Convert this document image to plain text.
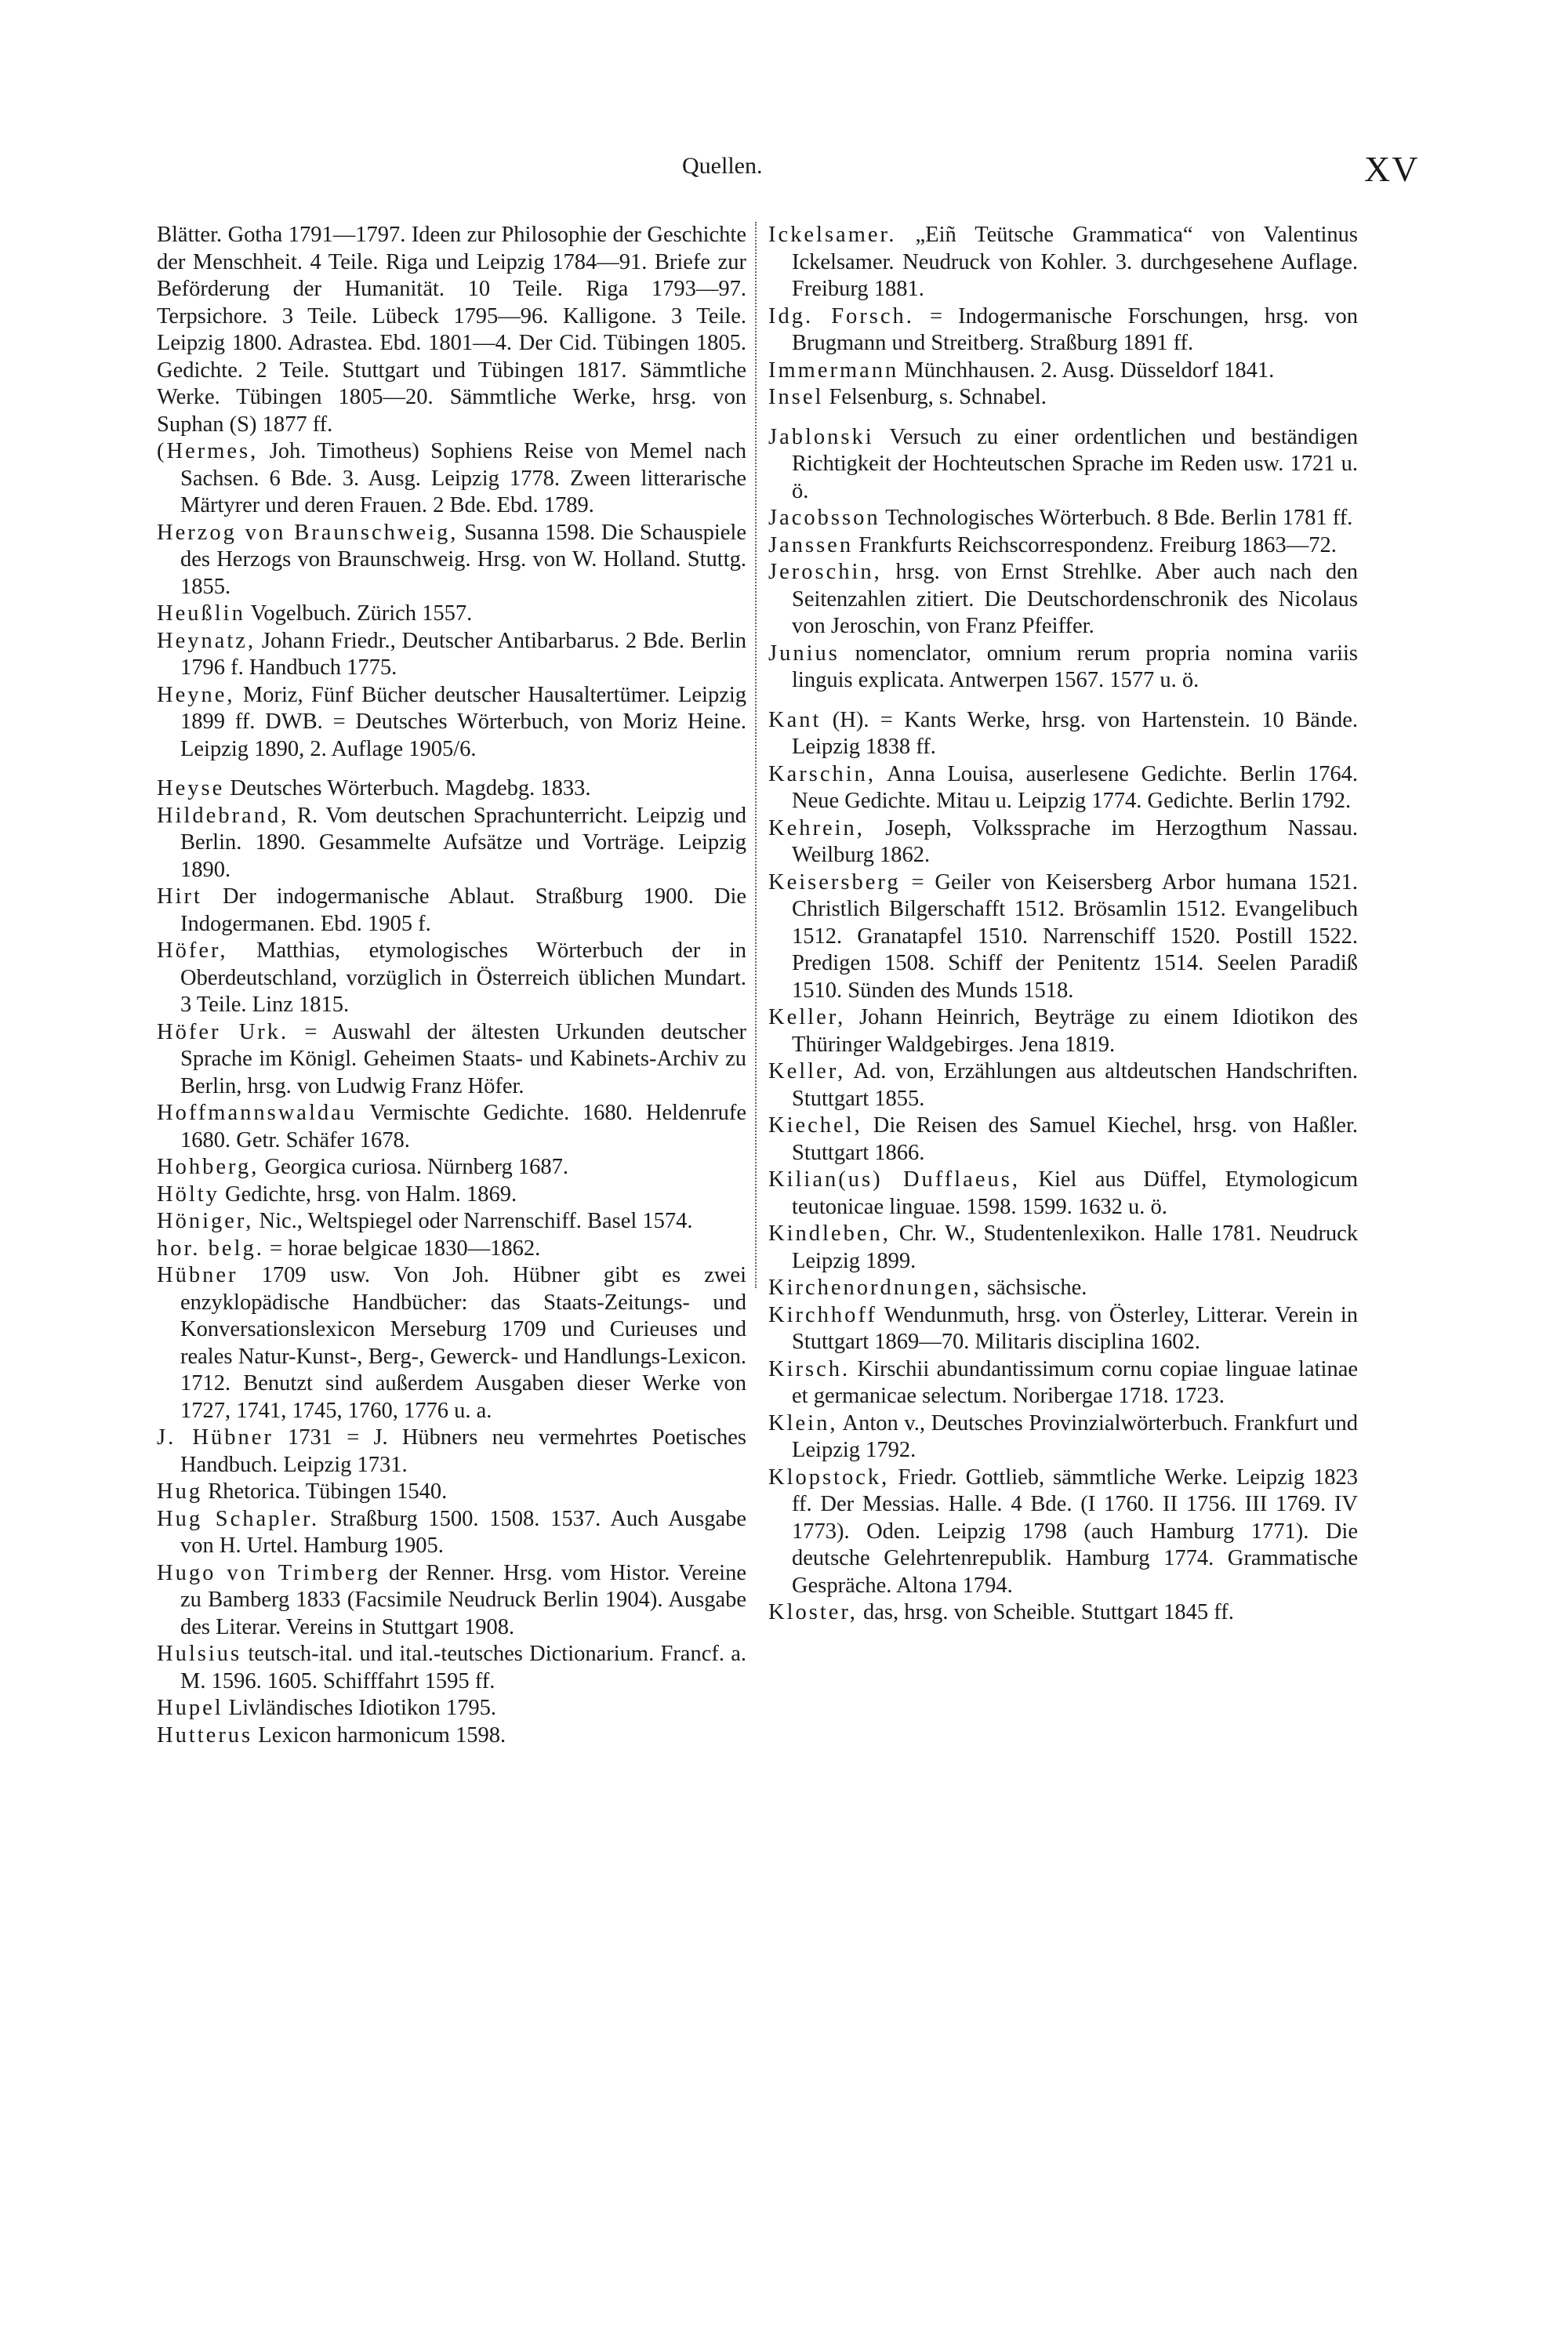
Quellen.	XV
Blätter. Gotha 1791—1797. Ideen zur Philosophie der Geschichte der Menschheit. 4 Teile. Riga und Leipzig 1784—91. Briefe zur Beförderung der Humanität. 10 Teile. Riga 1793—97. Terpsichore. 3 Teile. Lübeck 1795—96. Kalligone. 3 Teile. Leipzig 1800. Adrastea. Ebd. 1801—4. Der Cid. Tübingen 1805. Gedichte. 2 Teile. Stuttgart und Tübingen 1817. Sämmtliche Werke. Tübingen 1805—20. Sämmtliche Werke, hrsg. von Suphan (S) 1877 ff.
(Hermes, Joh. Timotheus) Sophiens Reise von Memel nach Sachsen. 6 Bde. 3. Ausg. Leipzig 1778. Zween litterarische Märtyrer und deren Frauen. 2 Bde. Ebd. 1789.
Herzog von Braunschweig, Susanna 1598. Die Schauspiele des Herzogs von Braunschweig. Hrsg. von W. Holland. Stuttg. 1855.
Heußlin Vogelbuch. Zürich 1557.
Heynatz, Johann Friedr., Deutscher Antibarbarus. 2 Bde. Berlin 1796 f. Handbuch 1775.
Heyne, Moriz, Fünf Bücher deutscher Hausaltertümer. Leipzig 1899 ff. DWB. = Deutsches Wörterbuch, von Moriz Heine. Leipzig 1890, 2. Auflage 1905/6.
Heyse Deutsches Wörterbuch. Magdebg. 1833.
Hildebrand, R. Vom deutschen Sprachunterricht. Leipzig und Berlin. 1890. Gesammelte Aufsätze und Vorträge. Leipzig 1890.
Hirt Der indogermanische Ablaut. Straßburg 1900. Die Indogermanen. Ebd. 1905 f.
Höfer, Matthias, etymologisches Wörterbuch der in Oberdeutschland, vorzüglich in Österreich üblichen Mundart. 3 Teile. Linz 1815.
Höfer Urk. = Auswahl der ältesten Urkunden deutscher Sprache im Königl. Geheimen Staats- und Kabinets-Archiv zu Berlin, hrsg. von Ludwig Franz Höfer.
Hoffmannswaldau Vermischte Gedichte. 1680. Heldenrufe 1680. Getr. Schäfer 1678.
Hohberg, Georgica curiosa. Nürnberg 1687.
Hölty Gedichte, hrsg. von Halm. 1869.
Höniger, Nic., Weltspiegel oder Narrenschiff. Basel 1574.
hor. belg. = horae belgicae 1830—1862.
Hübner 1709 usw. Von Joh. Hübner gibt es zwei enzyklopädische Handbücher: das Staats-Zeitungs- und Konversationslexicon Merseburg 1709 und Curieuses und reales Natur-Kunst-, Berg-, Gewerck- und Handlungs-Lexicon. 1712. Benutzt sind außerdem Ausgaben dieser Werke von 1727, 1741, 1745, 1760, 1776 u. a.
J. Hübner 1731 = J. Hübners neu vermehrtes Poetisches Handbuch. Leipzig 1731.
Hug Rhetorica. Tübingen 1540.
Hug Schapler. Straßburg 1500. 1508. 1537. Auch Ausgabe von H. Urtel. Hamburg 1905.
Hugo von Trimberg der Renner. Hrsg. vom Histor. Vereine zu Bamberg 1833 (Facsimile Neudruck Berlin 1904). Ausgabe des Literar. Vereins in Stuttgart 1908.
Hulsius teutsch-ital. und ital.-teutsches Dictionarium. Francf. a. M. 1596. 1605. Schifffahrt 1595 ff.
Hupel Livländisches Idiotikon 1795.
Hutterus Lexicon harmonicum 1598.
Ickelsamer. „Eiñ Teütsche Grammatica“ von Valentinus Ickelsamer. Neudruck von Kohler. 3. durchgesehene Auflage. Freiburg 1881.
Idg. Forsch. = Indogermanische Forschungen, hrsg. von Brugmann und Streitberg. Straßburg 1891 ff.
Immermann Münchhausen. 2. Ausg. Düsseldorf 1841.
Insel Felsenburg, s. Schnabel.
Jablonski Versuch zu einer ordentlichen und beständigen Richtigkeit der Hochteutschen Sprache im Reden usw. 1721 u. ö.
Jacobsson Technologisches Wörterbuch. 8 Bde. Berlin 1781 ff.
Janssen Frankfurts Reichscorrespondenz. Freiburg 1863—72.
Jeroschin, hrsg. von Ernst Strehlke. Aber auch nach den Seitenzahlen zitiert. Die Deutschordenschronik des Nicolaus von Jeroschin, von Franz Pfeiffer.
Junius nomenclator, omnium rerum propria nomina variis linguis explicata. Antwerpen 1567. 1577 u. ö.
Kant (H). = Kants Werke, hrsg. von Hartenstein. 10 Bände. Leipzig 1838 ff.
Karschin, Anna Louisa, auserlesene Gedichte. Berlin 1764. Neue Gedichte. Mitau u. Leipzig 1774. Gedichte. Berlin 1792.
Kehrein, Joseph, Volkssprache im Herzogthum Nassau. Weilburg 1862.
Keisersberg = Geiler von Keisersberg Arbor humana 1521. Christlich Bilgerschafft 1512. Brösamlin 1512. Evangelibuch 1512. Granatapfel 1510. Narrenschiff 1520. Postill 1522. Predigen 1508. Schiff der Penitentz 1514. Seelen Paradiß 1510. Sünden des Munds 1518.
Keller, Johann Heinrich, Beyträge zu einem Idiotikon des Thüringer Waldgebirges. Jena 1819.
Keller, Ad. von, Erzählungen aus altdeutschen Handschriften. Stuttgart 1855.
Kiechel, Die Reisen des Samuel Kiechel, hrsg. von Haßler. Stuttgart 1866.
Kilian(us) Dufflaeus, Kiel aus Düffel, Etymologicum teutonicae linguae. 1598. 1599. 1632 u. ö.
Kindleben, Chr. W., Studentenlexikon. Halle 1781. Neudruck Leipzig 1899.
Kirchenordnungen, sächsische.
Kirchhoff Wendunmuth, hrsg. von Österley, Litterar. Verein in Stuttgart 1869—70. Militaris disciplina 1602.
Kirsch. Kirschii abundantissimum cornu copiae linguae latinae et germanicae selectum. Noribergae 1718. 1723.
Klein, Anton v., Deutsches Provinzialwörterbuch. Frankfurt und Leipzig 1792.
Klopstock, Friedr. Gottlieb, sämmtliche Werke. Leipzig 1823 ff. Der Messias. Halle. 4 Bde. (I 1760. II 1756. III 1769. IV 1773). Oden. Leipzig 1798 (auch Hamburg 1771). Die deutsche Gelehrtenrepublik. Hamburg 1774. Grammatische Gespräche. Altona 1794.
Kloster, das, hrsg. von Scheible. Stuttgart 1845 ff.
